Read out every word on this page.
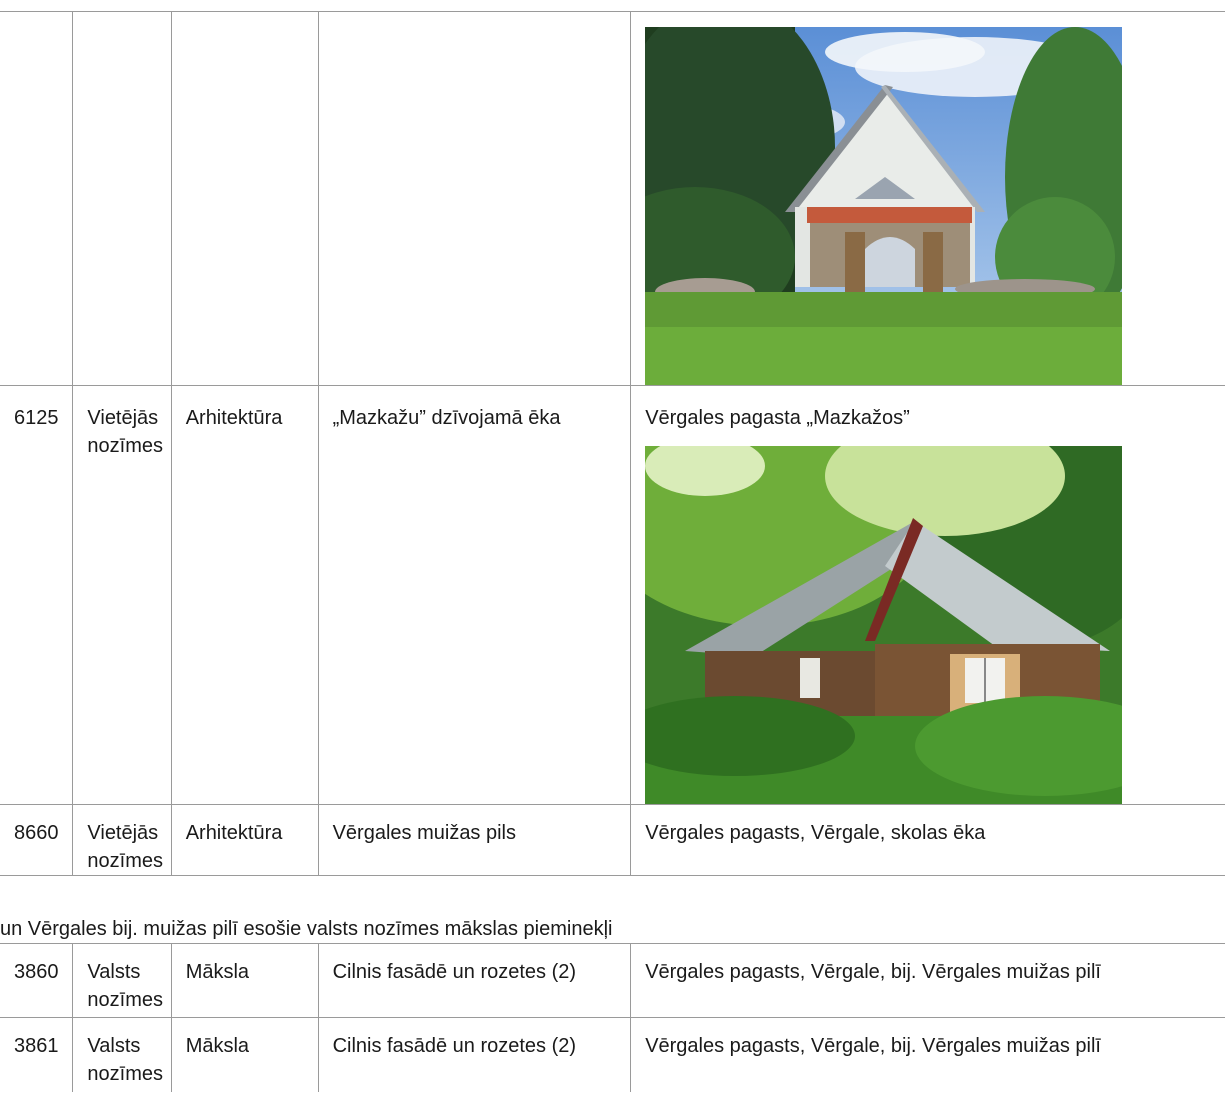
6125	Vietējās nozīmes	Arhitektūra	„Mazkažu” dzīvojamā ēka	Vērgales pagasta „Mazkažos”

8660	Vietējās nozīmes	Arhitektūra	Vērgales muižas pils	Vērgales pagasts, Vērgale, skolas ēka
un Vērgales bij. muižas pilī esošie valsts nozīmes mākslas pieminekļi
3860	Valsts nozīmes	Māksla	Cilnis fasādē un rozetes (2)	Vērgales pagasts, Vērgale, bij. Vērgales muižas pilī
3861	Valsts nozīmes	Māksla	Cilnis fasādē un rozetes (2)	Vērgales pagasts, Vērgale, bij. Vērgales muižas pilī
